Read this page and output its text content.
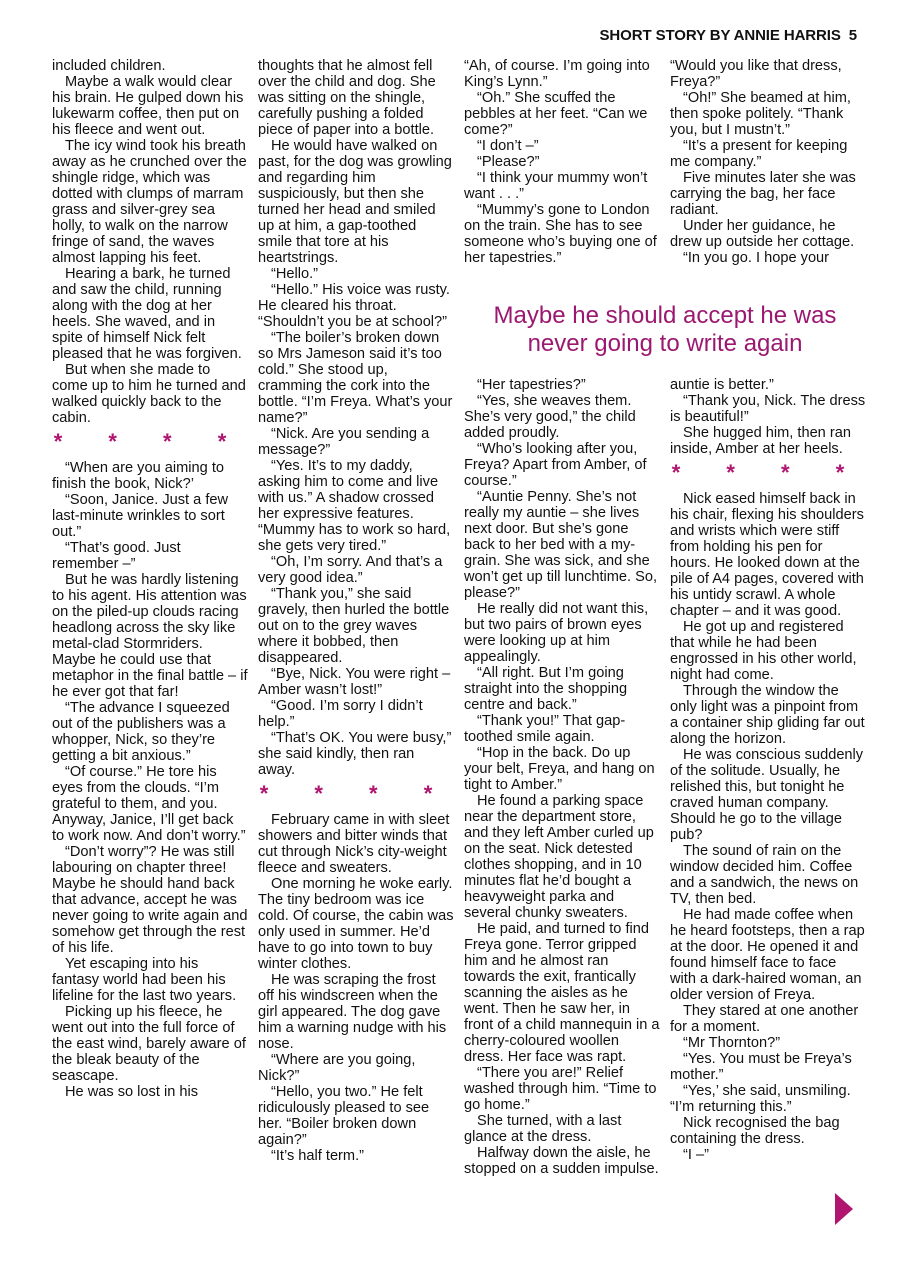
SHORT STORY BY ANNIE HARRIS 5

included children.

Maybe a walk would clear his brain. He gulped down his lukewarm coffee, then put on his fleece and went out.

The icy wind took his breath away as he crunched over the shingle ridge, which was dotted with clumps of marram grass and silver-grey sea holly, to walk on the narrow fringe of sand, the waves almost lapping his feet.

Hearing a bark, he turned and saw the child, running along with the dog at her heels. She waved, and in spite of himself Nick felt pleased that he was forgiven.

But when she made to come up to him he turned and walked quickly back to the cabin.

* * * *

“When are you aiming to finish the book, Nick?’

“Soon, Janice. Just a few last-minute wrinkles to sort out.”

“That’s good. Just remember –”

But he was hardly listening to his agent. His attention was on the piled-up clouds racing headlong across the sky like metal-clad Stormriders. Maybe he could use that metaphor in the final battle – if he ever got that far!

“The advance I squeezed out of the publishers was a whopper, Nick, so they’re getting a bit anxious.”

“Of course.” He tore his eyes from the clouds. “I’m grateful to them, and you. Anyway, Janice, I’ll get back to work now. And don’t worry.”

“Don’t worry”? He was still labouring on chapter three! Maybe he should hand back that advance, accept he was never going to write again and somehow get through the rest of his life.

Yet escaping into his fantasy world had been his lifeline for the last two years.

Picking up his fleece, he went out into the full force of the east wind, barely aware of the bleak beauty of the seascape.

He was so lost in his

thoughts that he almost fell over the child and dog. She was sitting on the shingle, carefully pushing a folded piece of paper into a bottle.

He would have walked on past, for the dog was growling and regarding him suspiciously, but then she turned her head and smiled up at him, a gap-toothed smile that tore at his heartstrings.

“Hello.”

“Hello.” His voice was rusty. He cleared his throat. “Shouldn’t you be at school?”

“The boiler’s broken down so Mrs Jameson said it’s too cold.” She stood up, cramming the cork into the bottle. “I’m Freya. What’s your name?”

“Nick. Are you sending a message?”

“Yes. It’s to my daddy, asking him to come and live with us.” A shadow crossed her expressive features. “Mummy has to work so hard, she gets very tired.”

“Oh, I’m sorry. And that’s a very good idea.”

“Thank you,” she said gravely, then hurled the bottle out on to the grey waves where it bobbed, then disappeared.

“Bye, Nick. You were right – Amber wasn’t lost!”

“Good. I’m sorry I didn’t help.”

“That’s OK. You were busy,” she said kindly, then ran away.

* * * *

February came in with sleet showers and bitter winds that cut through Nick’s city-weight fleece and sweaters.

One morning he woke early. The tiny bedroom was ice cold. Of course, the cabin was only used in summer. He’d have to go into town to buy winter clothes.

He was scraping the frost off his windscreen when the girl appeared. The dog gave him a warning nudge with his nose.

“Where are you going, Nick?”

“Hello, you two.” He felt ridiculously pleased to see her. “Boiler broken down again?”

“It’s half term.”

“Ah, of course. I’m going into King’s Lynn.”

“Oh.” She scuffed the pebbles at her feet. “Can we come?”

“I don’t –”

“Please?”

“I think your mummy won’t want . . .”

“Mummy’s gone to London on the train. She has to see someone who’s buying one of her tapestries.”

“Would you like that dress, Freya?”

“Oh!” She beamed at him, then spoke politely. “Thank you, but I mustn’t.”

“It’s a present for keeping me company.”

Five minutes later she was carrying the bag, her face radiant.

Under her guidance, he drew up outside her cottage.

“In you go. I hope your

Maybe he should accept he was never going to write again

“Her tapestries?”

“Yes, she weaves them. She’s very good,” the child added proudly.

“Who’s looking after you, Freya? Apart from Amber, of course.”

“Auntie Penny. She’s not really my auntie – she lives next door. But she’s gone back to her bed with a my-grain. She was sick, and she won’t get up till lunchtime. So, please?”

He really did not want this, but two pairs of brown eyes were looking up at him appealingly.

“All right. But I’m going straight into the shopping centre and back.”

“Thank you!” That gap-toothed smile again.

“Hop in the back. Do up your belt, Freya, and hang on tight to Amber.”

He found a parking space near the department store, and they left Amber curled up on the seat. Nick detested clothes shopping, and in 10 minutes flat he’d bought a heavyweight parka and several chunky sweaters.

He paid, and turned to find Freya gone. Terror gripped him and he almost ran towards the exit, frantically scanning the aisles as he went. Then he saw her, in front of a child mannequin in a cherry-coloured woollen dress. Her face was rapt.

“There you are!” Relief washed through him. “Time to go home.”

She turned, with a last glance at the dress.

Halfway down the aisle, he stopped on a sudden impulse.

auntie is better.”

“Thank you, Nick. The dress is beautiful!”

She hugged him, then ran inside, Amber at her heels.

* * * *

Nick eased himself back in his chair, flexing his shoulders and wrists which were stiff from holding his pen for hours. He looked down at the pile of A4 pages, covered with his untidy scrawl. A whole chapter – and it was good.

He got up and registered that while he had been engrossed in his other world, night had come.

Through the window the only light was a pinpoint from a container ship gliding far out along the horizon.

He was conscious suddenly of the solitude. Usually, he relished this, but tonight he craved human company. Should he go to the village pub?

The sound of rain on the window decided him. Coffee and a sandwich, the news on TV, then bed.

He had made coffee when he heard footsteps, then a rap at the door. He opened it and found himself face to face with a dark-haired woman, an older version of Freya.

They stared at one another for a moment.

“Mr Thornton?”

“Yes. You must be Freya’s mother.”

“Yes,’ she said, unsmiling. “I’m returning this.”

Nick recognised the bag containing the dress.

“I –”
